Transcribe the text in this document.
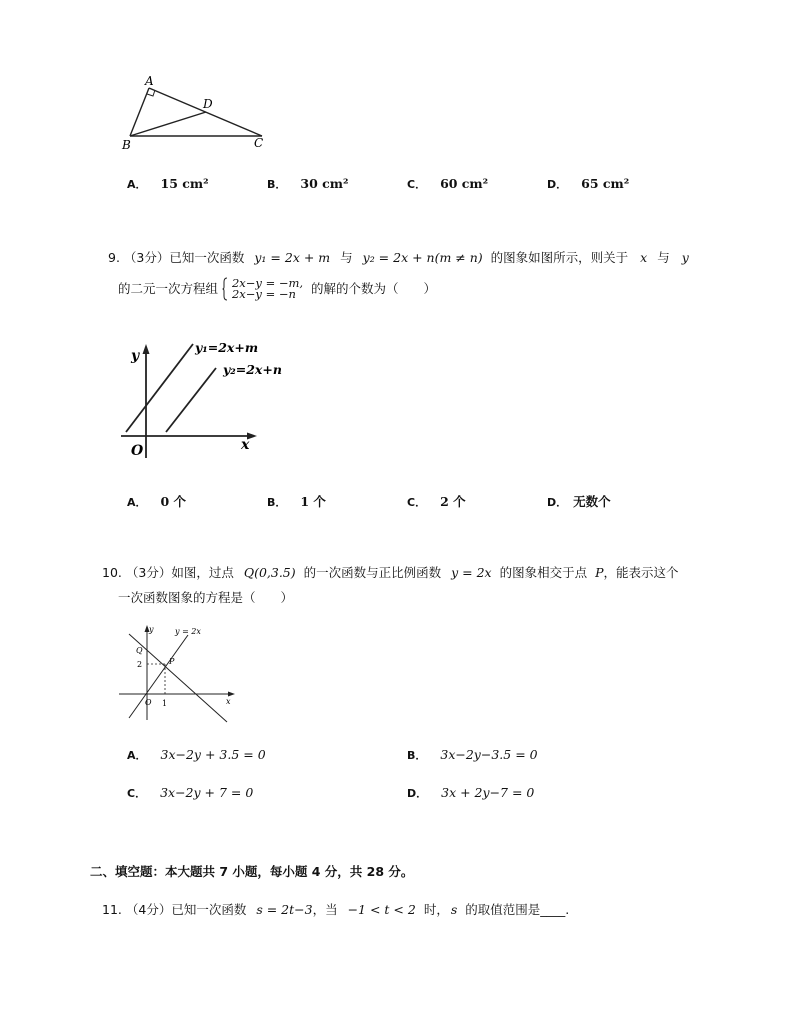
A
D
B	C
A． 15 cm²	B． 30 cm²	C． 60 cm²	D． 65 cm²
9. （3分）已知一次函数 y₁ = 2x + m 与 y₂ = 2x + n(m ≠ n) 的图象如图所示，则关于 x 与 y
的二元一次方程组 2x−y = −m,
2x−y = −n 的解的个数为（　　）
y
x
O
y₁=2x+m
y₂=2x+n
A． 0 个	B． 1 个	C． 2 个	D． 无数个
10. （3分）如图，过点 Q(0,3.5) 的一次函数与正比例函数 y = 2x 的图象相交于点 P，能表示这个
一次函数图象的方程是（　　）
y
x
y = 2x
Q
2	P
O 1
A． 3x−2y + 3.5 = 0	B． 3x−2y−3.5 = 0
C． 3x−2y + 7 = 0	D． 3x + 2y−7 = 0
二、填空题：本大题共 7 小题，每小题 4 分，共 28 分。
11. （4分）已知一次函数 s = 2t−3，当 −1 < t < 2 时， s 的取值范围是____.
